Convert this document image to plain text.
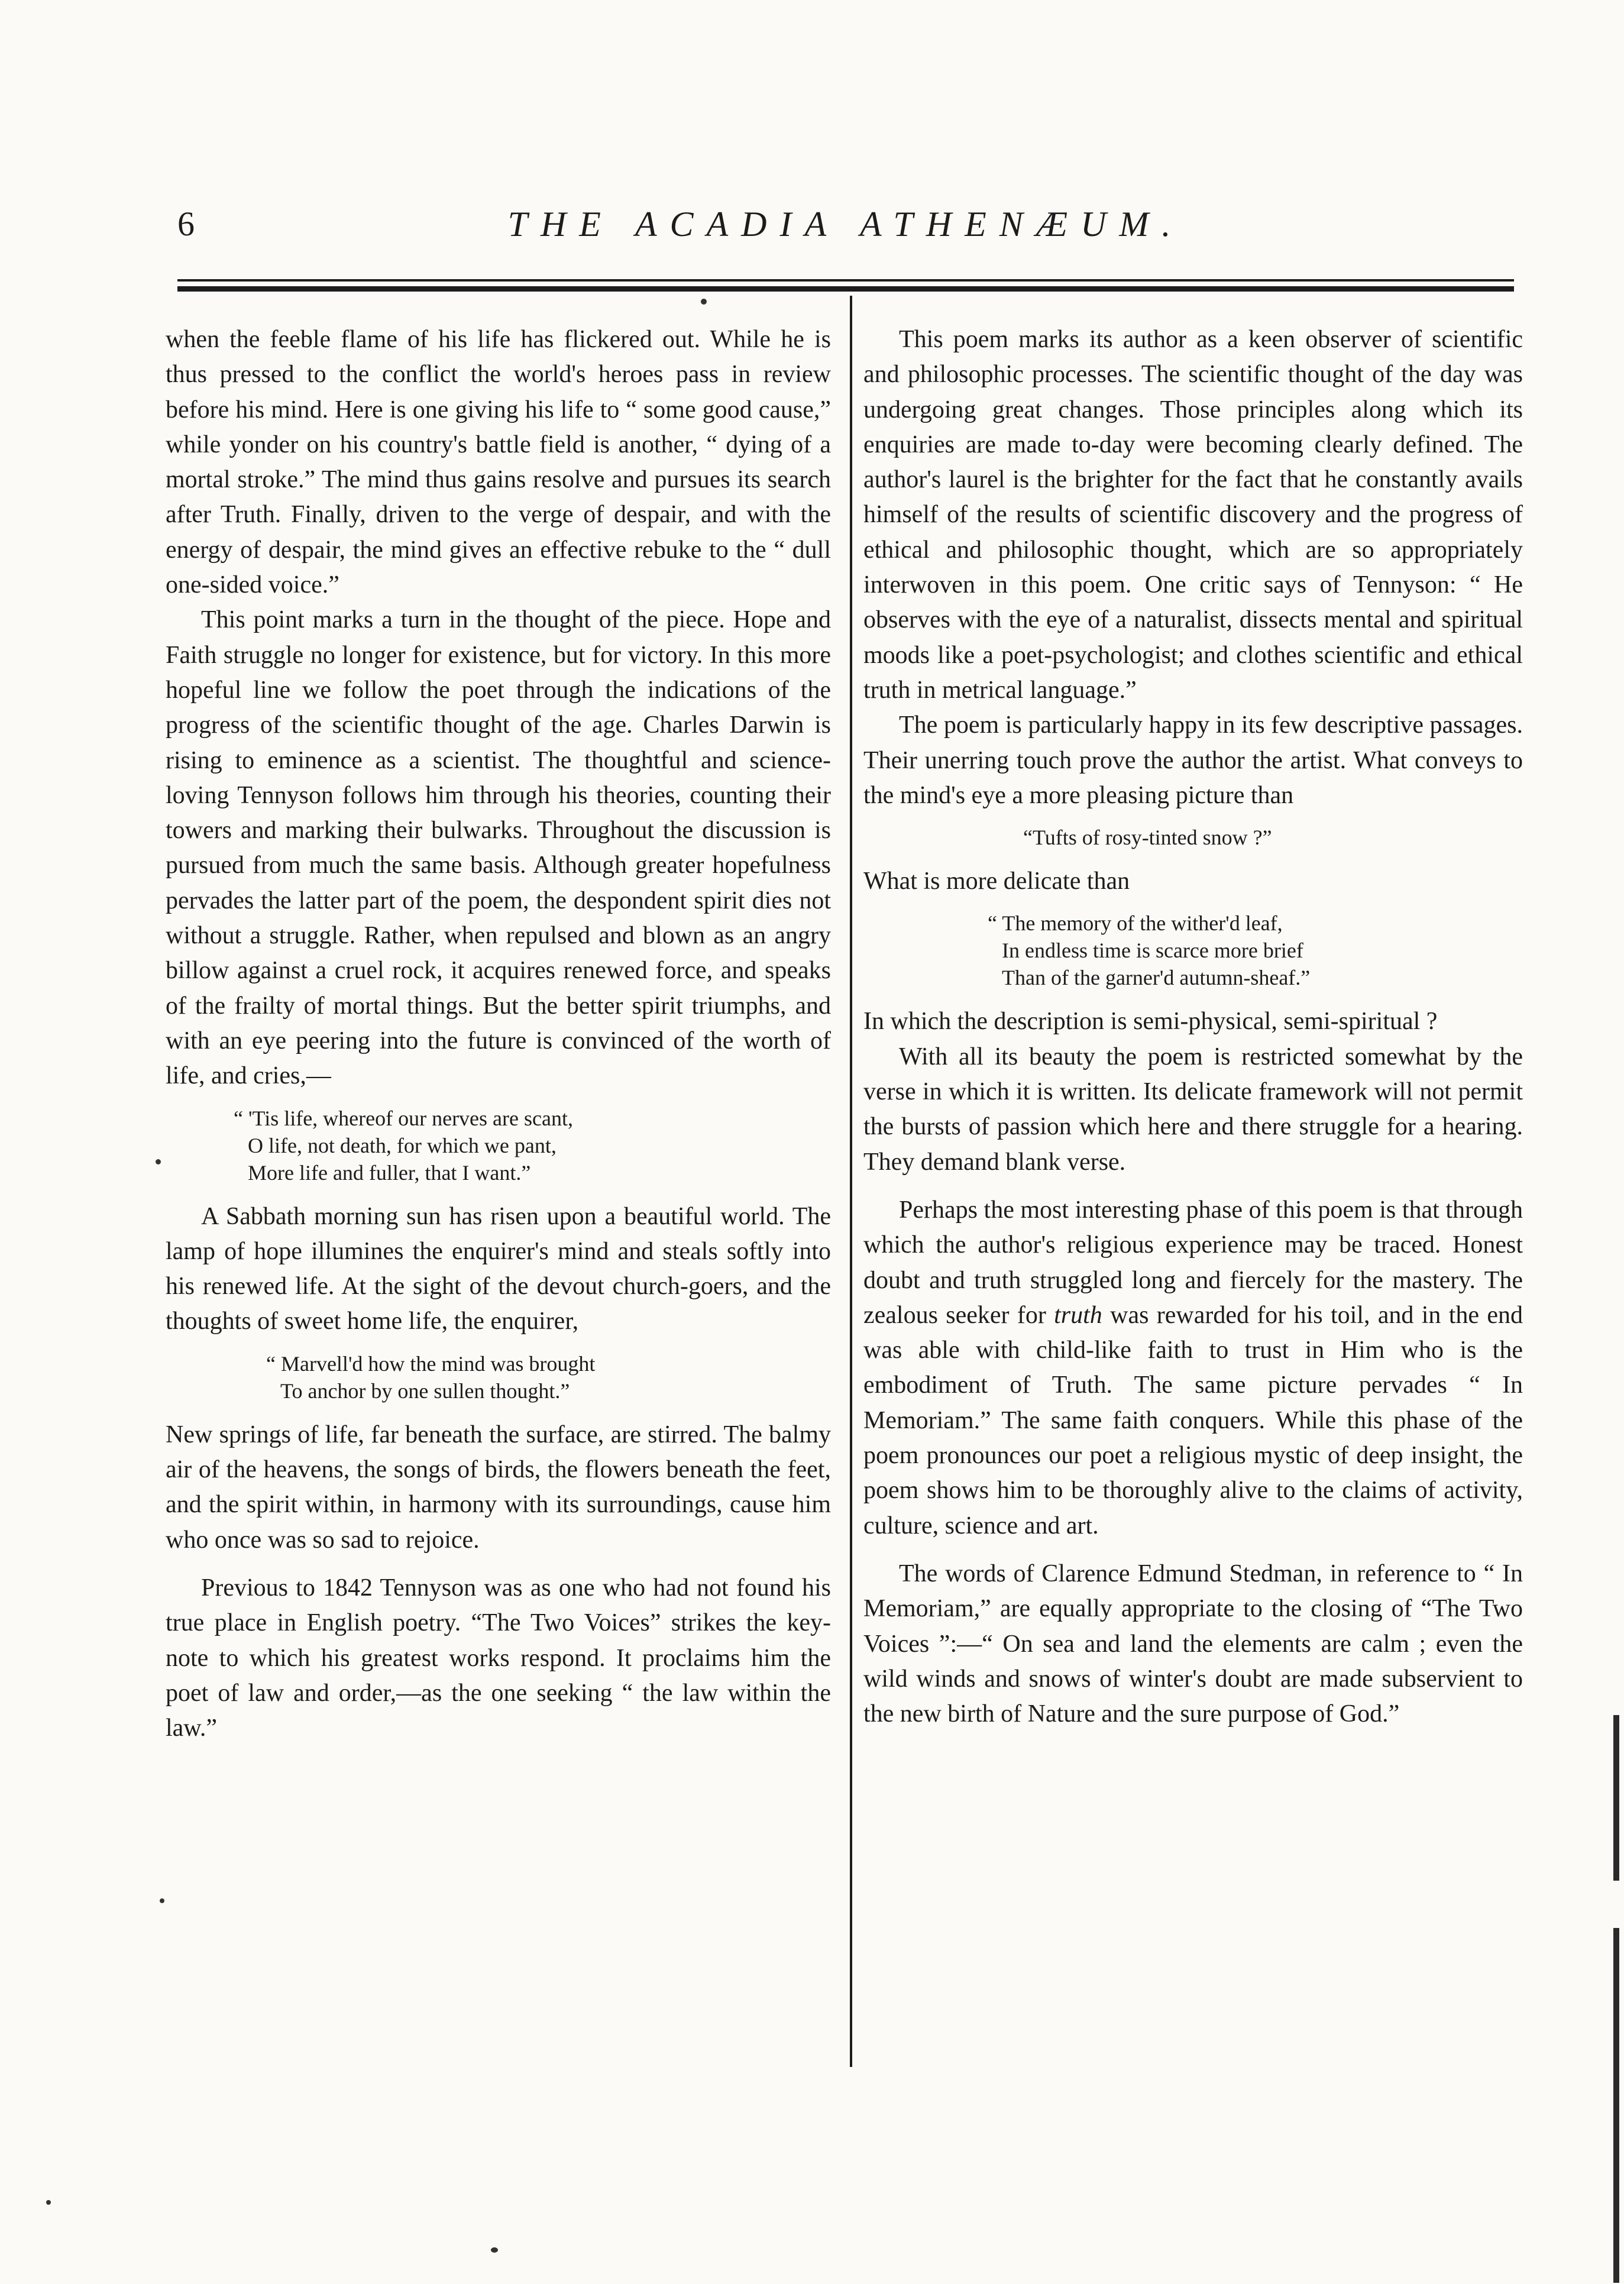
6	THE ACADIA ATHENÆUM.

when the feeble flame of his life has flickered out. While he is thus pressed to the conflict the world's heroes pass in review before his mind. Here is one giving his life to “ some good cause,” while yonder on his country's battle field is another, “ dying of a mortal stroke.” The mind thus gains resolve and pursues its search after Truth. Finally, driven to the verge of despair, and with the energy of despair, the mind gives an effective rebuke to the “ dull one-sided voice.”

This point marks a turn in the thought of the piece. Hope and Faith struggle no longer for existence, but for victory. In this more hopeful line we follow the poet through the indications of the progress of the scientific thought of the age. Charles Darwin is rising to eminence as a scientist. The thoughtful and science-loving Tennyson follows him through his theories, counting their towers and marking their bulwarks. Throughout the discussion is pursued from much the same basis. Although greater hopefulness pervades the latter part of the poem, the despondent spirit dies not without a struggle. Rather, when repulsed and blown as an angry billow against a cruel rock, it acquires renewed force, and speaks of the frailty of mortal things. But the better spirit triumphs, and with an eye peering into the future is convinced of the worth of life, and cries,—

“ 'Tis life, whereof our nerves are scant,
O life, not death, for which we pant,
More life and fuller, that I want.”

A Sabbath morning sun has risen upon a beautiful world. The lamp of hope illumines the enquirer's mind and steals softly into his renewed life. At the sight of the devout church-goers, and the thoughts of sweet home life, the enquirer,

“ Marvell'd how the mind was brought
To anchor by one sullen thought.”

New springs of life, far beneath the surface, are stirred. The balmy air of the heavens, the songs of birds, the flowers beneath the feet, and the spirit within, in harmony with its surroundings, cause him who once was so sad to rejoice.

Previous to 1842 Tennyson was as one who had not found his true place in English poetry. “The Two Voices” strikes the key-note to which his greatest works respond. It proclaims him the poet of law and order,—as the one seeking “ the law within the law.”

This poem marks its author as a keen observer of scientific and philosophic processes. The scientific thought of the day was undergoing great changes. Those principles along which its enquiries are made to-day were becoming clearly defined. The author's laurel is the brighter for the fact that he constantly avails himself of the results of scientific discovery and the progress of ethical and philosophic thought, which are so appropriately interwoven in this poem. One critic says of Tennyson: “ He observes with the eye of a naturalist, dissects mental and spiritual moods like a poet-psychologist; and clothes scientific and ethical truth in metrical language.”

The poem is particularly happy in its few descriptive passages. Their unerring touch prove the author the artist. What conveys to the mind's eye a more pleasing picture than

“Tufts of rosy-tinted snow ?”

What is more delicate than

“ The memory of the wither'd leaf,
In endless time is scarce more brief
Than of the garner'd autumn-sheaf.”

In which the description is semi-physical, semi-spiritual ?

With all its beauty the poem is restricted somewhat by the verse in which it is written. Its delicate framework will not permit the bursts of passion which here and there struggle for a hearing. They demand blank verse.

Perhaps the most interesting phase of this poem is that through which the author's religious experience may be traced. Honest doubt and truth struggled long and fiercely for the mastery. The zealous seeker for truth was rewarded for his toil, and in the end was able with child-like faith to trust in Him who is the embodiment of Truth. The same picture pervades “ In Memoriam.” The same faith conquers. While this phase of the poem pronounces our poet a religious mystic of deep insight, the poem shows him to be thoroughly alive to the claims of activity, culture, science and art.

The words of Clarence Edmund Stedman, in reference to “ In Memoriam,” are equally appropriate to the closing of “The Two Voices ”:—“ On sea and land the elements are calm ; even the wild winds and snows of winter's doubt are made subservient to the new birth of Nature and the sure purpose of God.”
